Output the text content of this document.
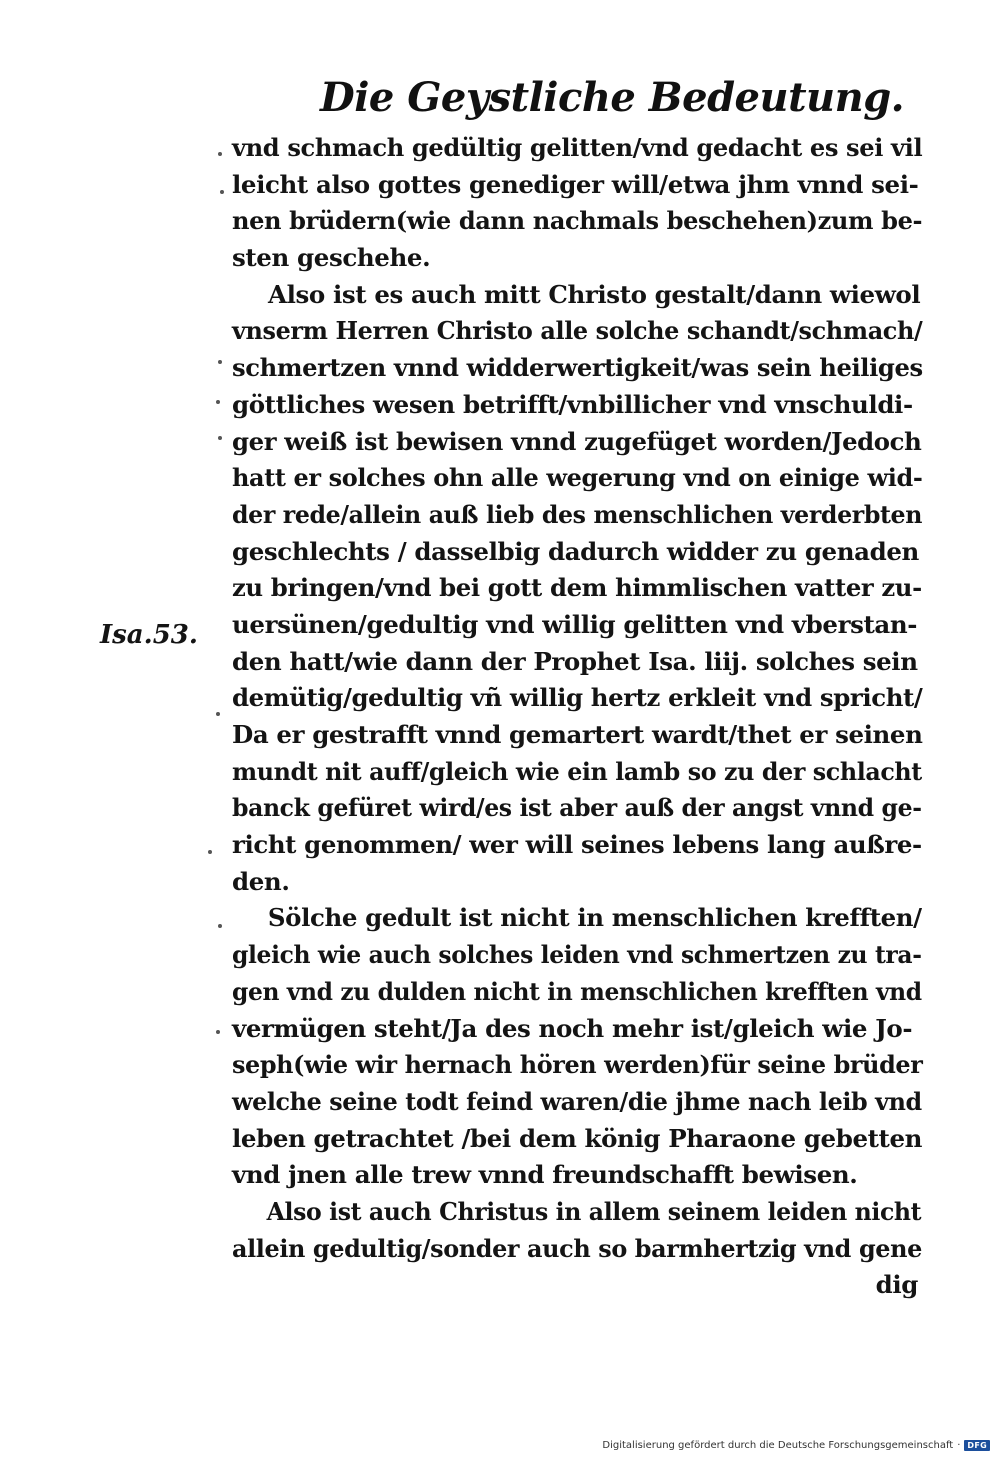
Die Geystliche Bedeutung.
vnd schmach gedültig gelitten/vnd gedacht es sei vil
leicht also gottes genediger will/etwa jhm vnnd sei-
nen brüdern(wie dann nachmals beschehen)zum be-
sten geschehe.
Also ist es auch mitt Christo gestalt/dann wiewol
vnserm Herren Christo alle solche schandt/schmach/
schmertzen vnnd widderwertigkeit/was sein heiliges
göttliches wesen betrifft/vnbillicher vnd vnschuldi-
ger weiß ist bewisen vnnd zugefüget worden/Jedoch
hatt er solches ohn alle wegerung vnd on einige wid-
der rede/allein auß lieb des menschlichen verderbten
geschlechts / dasselbig dadurch widder zu genaden
zu bringen/vnd bei gott dem himmlischen vatter zu-
uersünen/gedultig vnd willig gelitten vnd vberstan-
den hatt/wie dann der Prophet Isa. liij. solches sein
demütig/gedultig vñ willig hertz erkleit vnd spricht/
Da er gestrafft vnnd gemartert wardt/thet er seinen
mundt nit auff/gleich wie ein lamb so zu der schlacht
banck gefüret wird/es ist aber auß der angst vnnd ge-
richt genommen/ wer will seines lebens lang außre-
den.
Sölche gedult ist nicht in menschlichen krefften/
gleich wie auch solches leiden vnd schmertzen zu tra-
gen vnd zu dulden nicht in menschlichen krefften vnd
vermügen steht/Ja des noch mehr ist/gleich wie Jo-
seph(wie wir hernach hören werden)für seine brüder
welche seine todt feind waren/die jhme nach leib vnd
leben getrachtet /bei dem könig Pharaone gebetten
vnd jnen alle trew vnnd freundschafft bewisen.
Also ist auch Christus in allem seinem leiden nicht
allein gedultig/sonder auch so barmhertzig vnd gene
dig
Isa.53.
Digitalisierung gefördert durch die Deutsche Forschungsgemeinschaft · DFG
